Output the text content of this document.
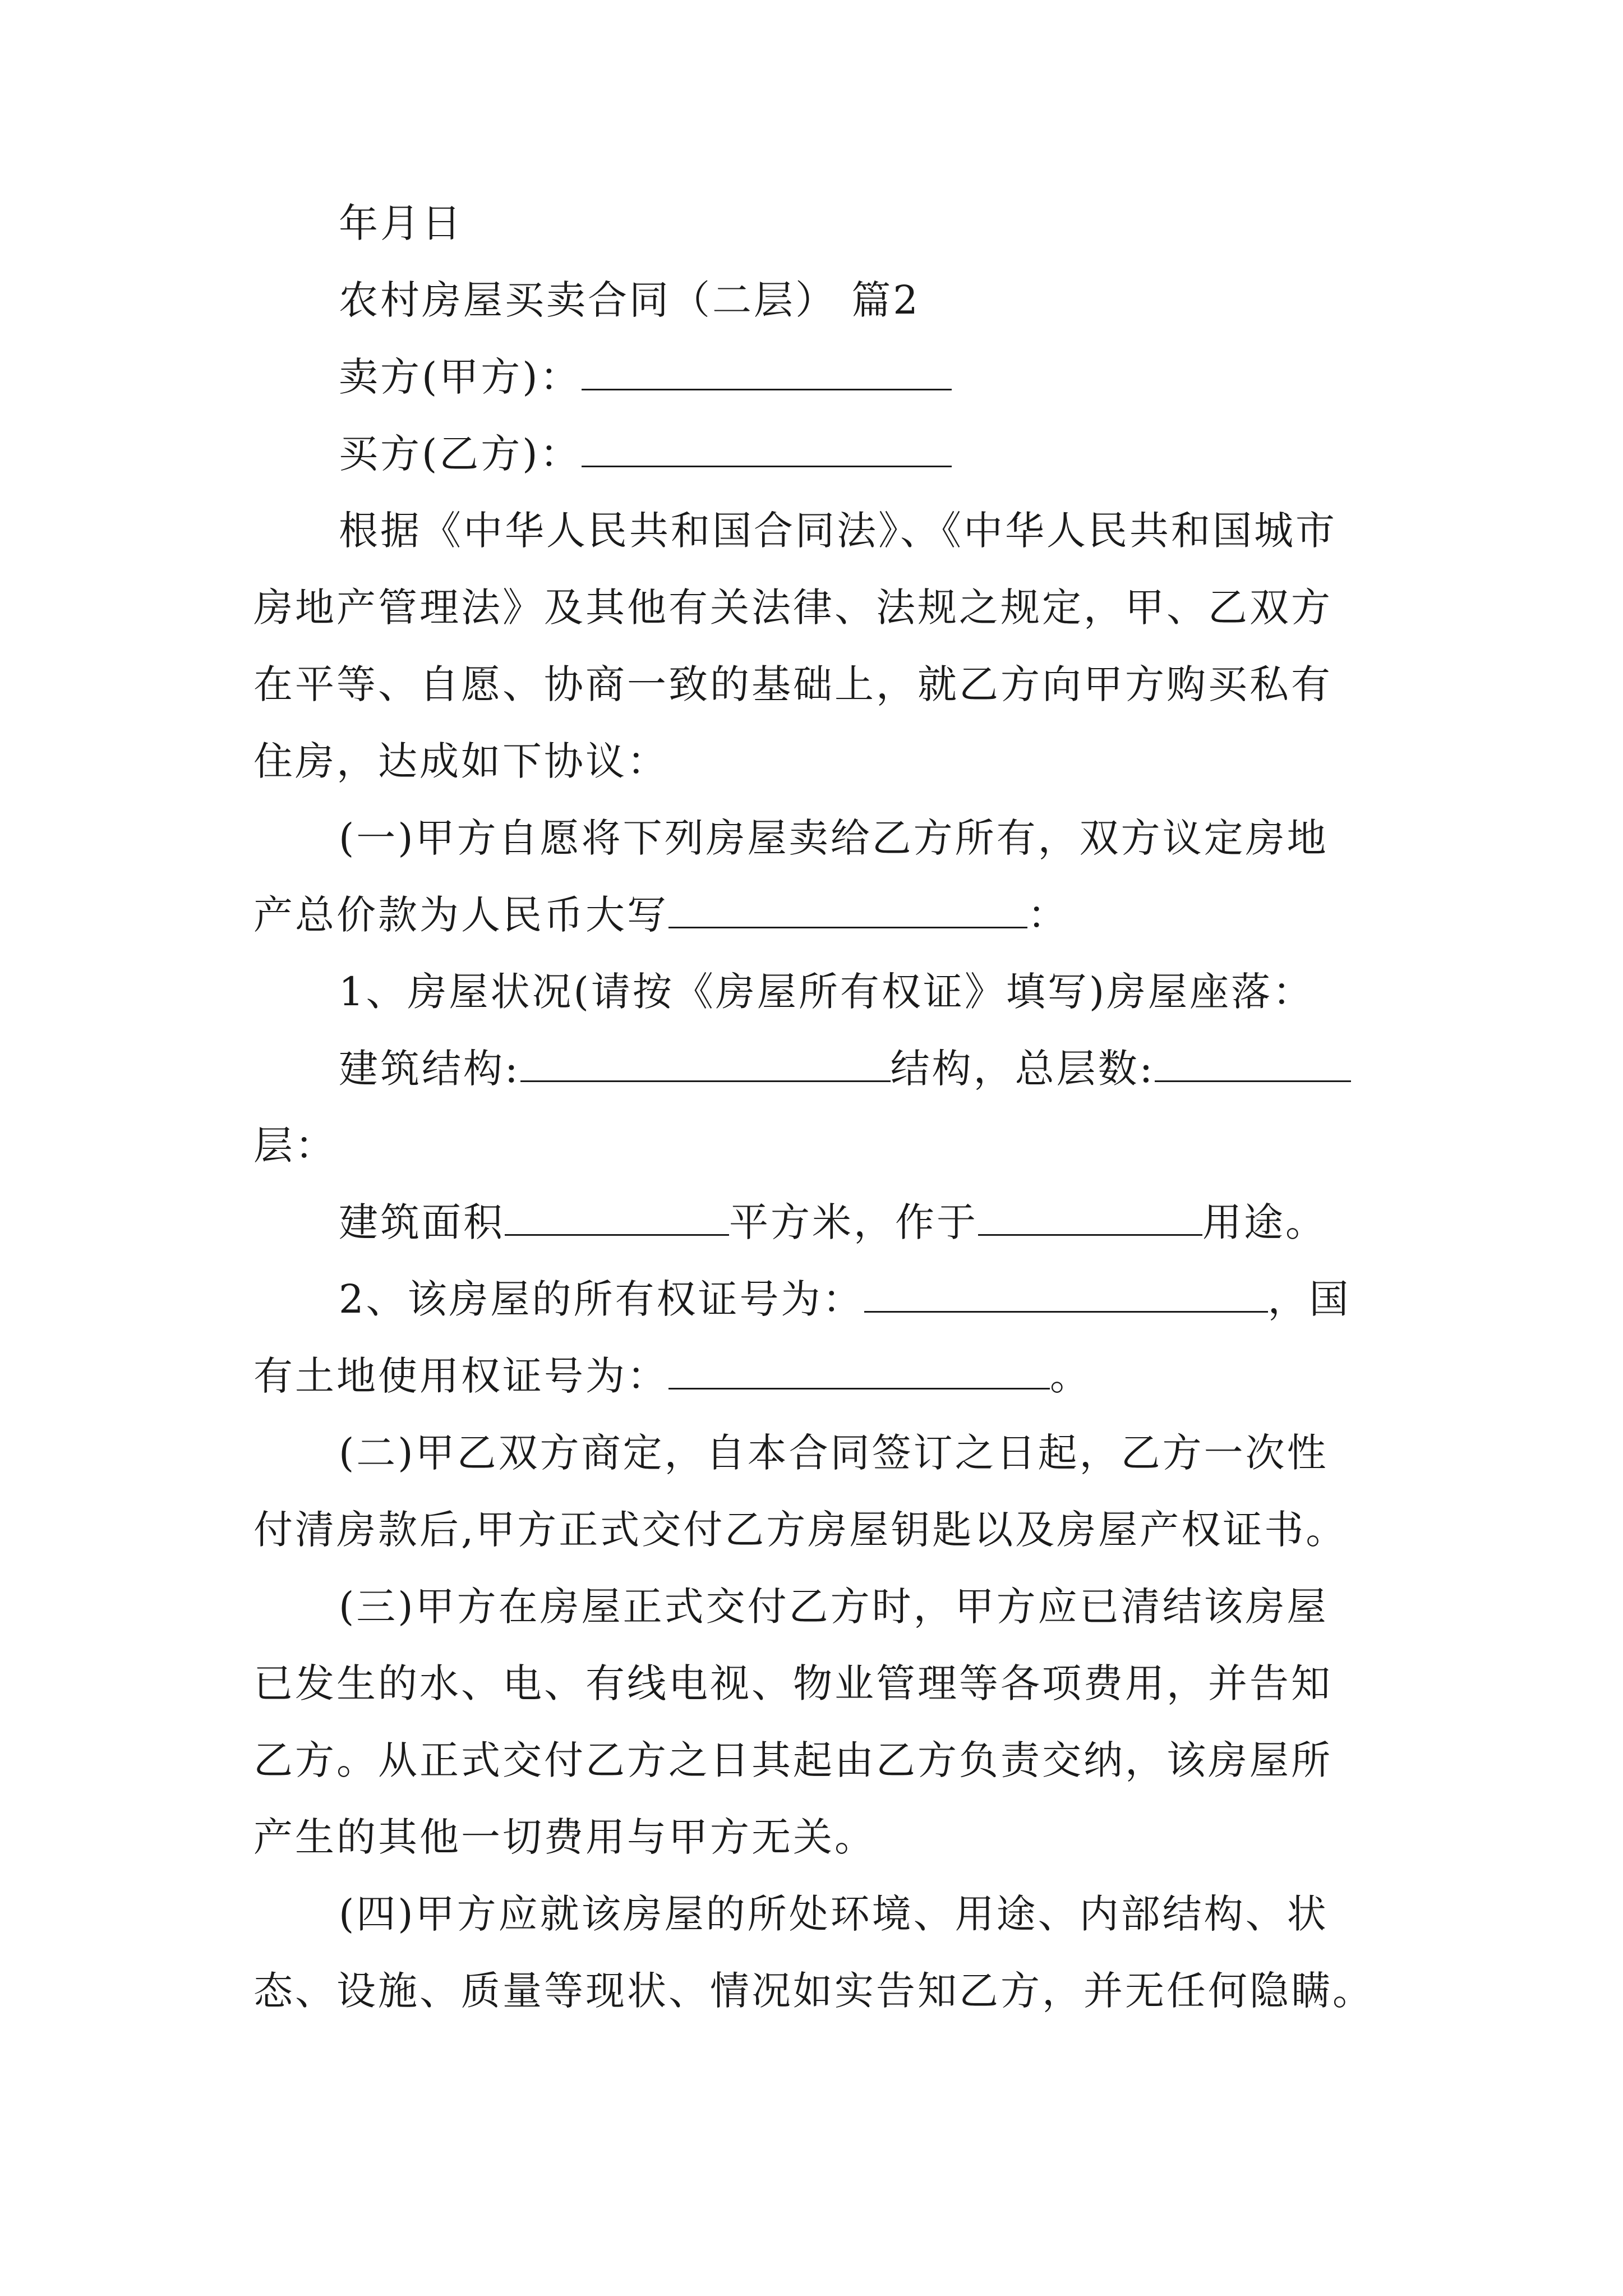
年月日
农村房屋买卖合同（二层） 篇2
卖方(甲方)：
买方(乙方)：
根据《中华人民共和国合同法》、《中华人民共和国城市
房地产管理法》及其他有关法律、法规之规定，甲、乙双方
在平等、自愿、协商一致的基础上，就乙方向甲方购买私有
住房，达成如下协议：
(一)甲方自愿将下列房屋卖给乙方所有，双方议定房地
产总价款为人民币大写	：
1、房屋状况(请按《房屋所有权证》填写)房屋座落：
建筑结构:	结构，总层数:
层：
建筑面积	平方米，作于	用途。
2、该房屋的所有权证号为：	，国
有土地使用权证号为：	。
(二)甲乙双方商定，自本合同签订之日起，乙方一次性
付清房款后,甲方正式交付乙方房屋钥匙以及房屋产权证书。
(三)甲方在房屋正式交付乙方时，甲方应已清结该房屋
已发生的水、电、有线电视、物业管理等各项费用，并告知
乙方。从正式交付乙方之日其起由乙方负责交纳，该房屋所
产生的其他一切费用与甲方无关。
(四)甲方应就该房屋的所处环境、用途、内部结构、状
态、设施、质量等现状、情况如实告知乙方，并无任何隐瞒。
